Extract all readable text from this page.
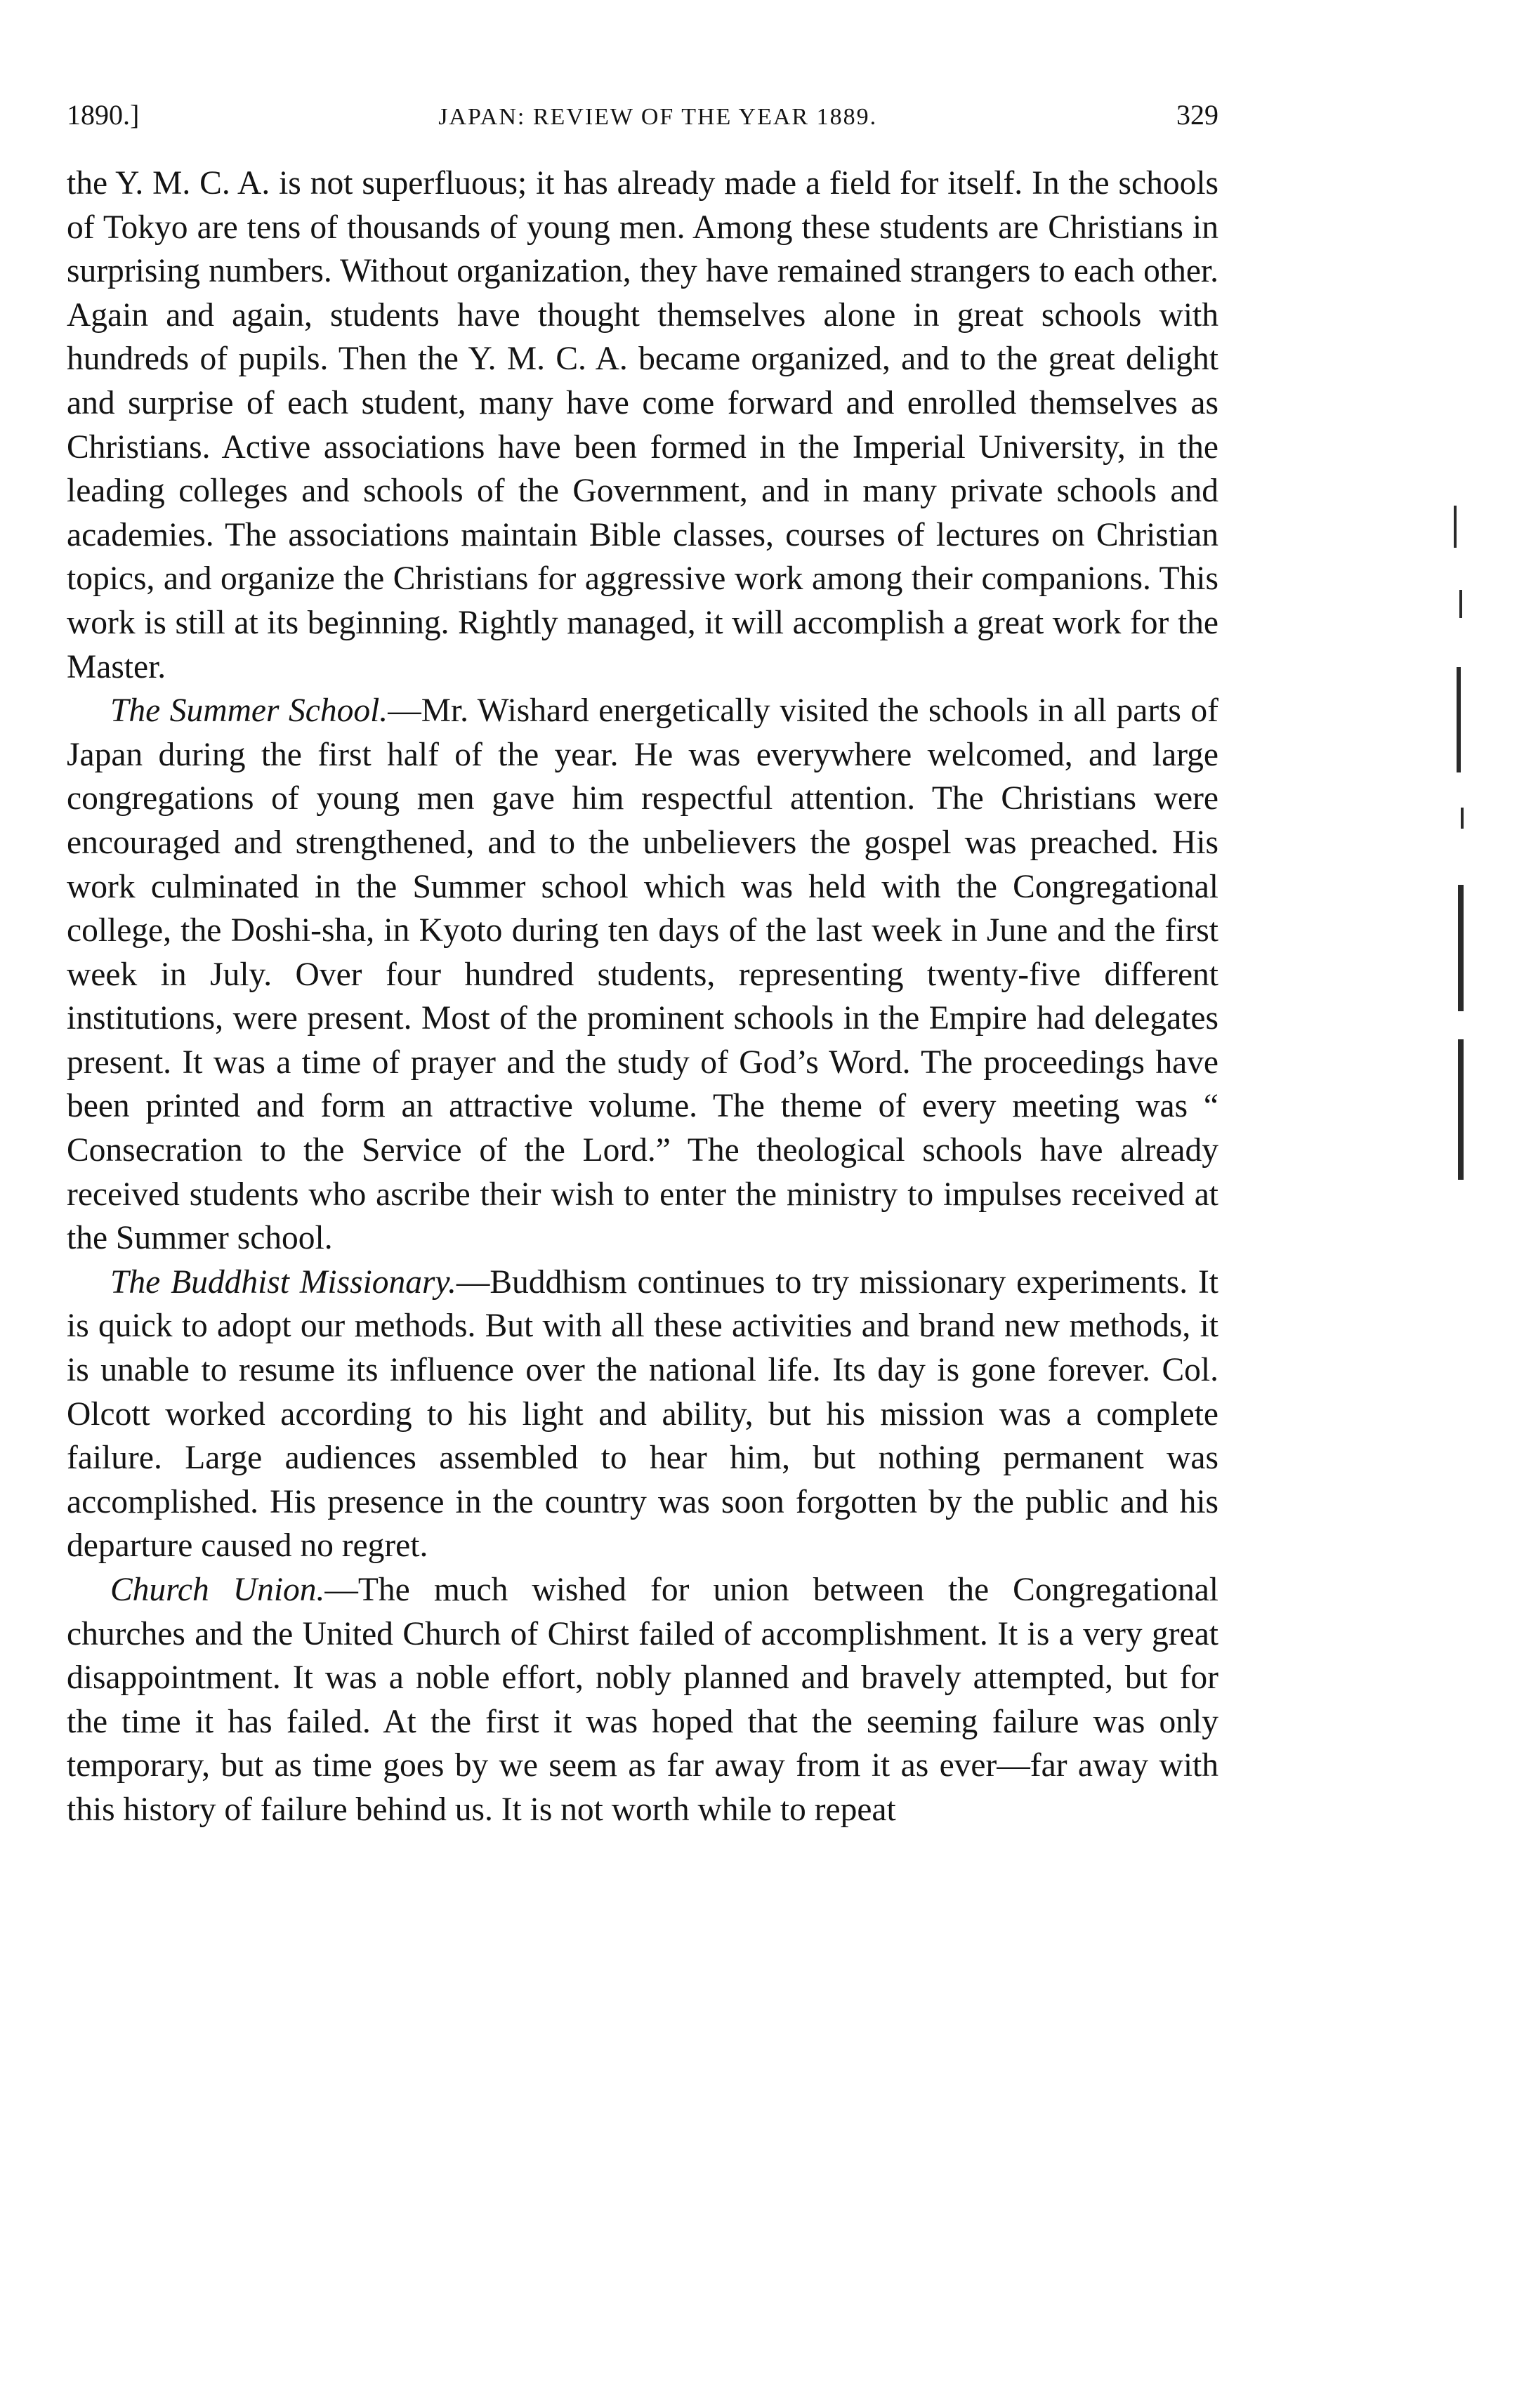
1890.]	JAPAN: REVIEW OF THE YEAR 1889.	329

the Y. M. C. A. is not superfluous; it has already made a field for itself. In the schools of Tokyo are tens of thousands of young men. Among these students are Christians in surprising numbers. Without organization, they have remained strangers to each other. Again and again, students have thought themselves alone in great schools with hundreds of pupils. Then the Y. M. C. A. became organized, and to the great delight and surprise of each student, many have come forward and enrolled themselves as Christians. Active associations have been formed in the Imperial University, in the leading colleges and schools of the Government, and in many private schools and academies. The associations maintain Bible classes, courses of lectures on Christian topics, and organize the Christians for aggressive work among their companions. This work is still at its beginning. Rightly managed, it will accomplish a great work for the Master.

The Summer School.—Mr. Wishard energetically visited the schools in all parts of Japan during the first half of the year. He was everywhere welcomed, and large congregations of young men gave him respectful attention. The Christians were encouraged and strengthened, and to the unbelievers the gospel was preached. His work culminated in the Summer school which was held with the Congregational college, the Doshi-sha, in Kyoto during ten days of the last week in June and the first week in July. Over four hundred students, representing twenty-five different institutions, were present. Most of the prominent schools in the Empire had delegates present. It was a time of prayer and the study of God’s Word. The proceedings have been printed and form an attractive volume. The theme of every meeting was “ Consecration to the Service of the Lord.” The theological schools have already received students who ascribe their wish to enter the ministry to impulses received at the Summer school.

The Buddhist Missionary.—Buddhism continues to try missionary experiments. It is quick to adopt our methods. But with all these activities and brand new methods, it is unable to resume its influence over the national life. Its day is gone forever. Col. Olcott worked according to his light and ability, but his mission was a complete failure. Large audiences assembled to hear him, but nothing permanent was accomplished. His presence in the country was soon forgotten by the public and his departure caused no regret.

Church Union.—The much wished for union between the Congregational churches and the United Church of Chirst failed of accomplishment. It is a very great disappointment. It was a noble effort, nobly planned and bravely attempted, but for the time it has failed. At the first it was hoped that the seeming failure was only temporary, but as time goes by we seem as far away from it as ever—far away with this history of failure behind us. It is not worth while to repeat
